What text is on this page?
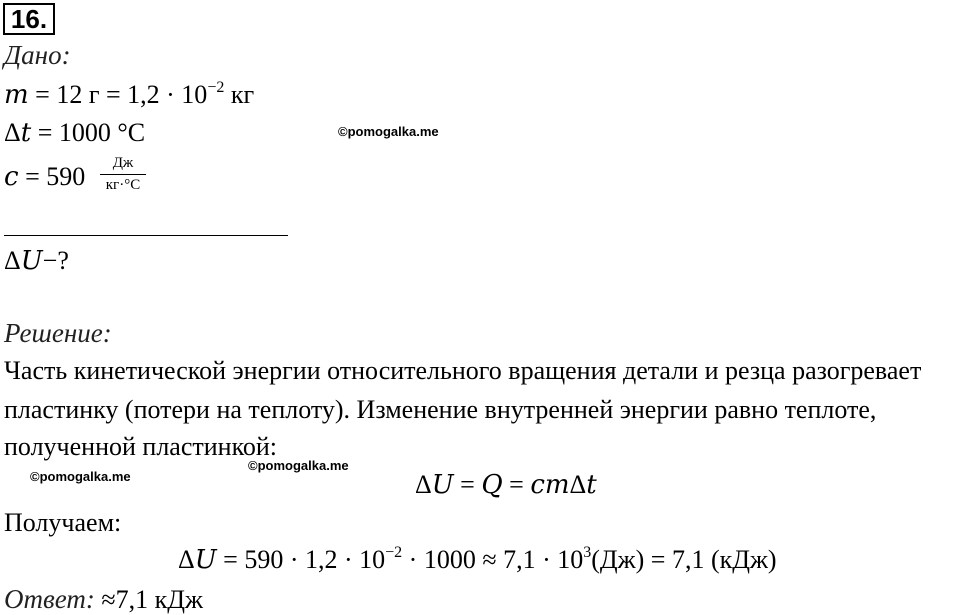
16.
Дано:
m = 12 $г = 1,2 \cdot 10^{-2}$ кг
Δt = 1000 °C	©pomogalka.me
c = 590	Дж
кг·°C
ΔU−?
Решение:
Часть кинетической энергии относительного вращения детали и резца разогревает
пластинку (потери на теплоту). Изменение внутренней энергии равно теплоте,
полученной пластинкой:
©pomogalka.me
©pomogalka.me	ΔU = Q = cmΔt
Получаем:
$\Delta U = 590 \cdot 1,2 \cdot 10^{-2} \cdot 1000 \approx 7,1 \cdot 10^3(Дж) = 7,1$ (кДж)
Ответ: ≈7,1 кДж
